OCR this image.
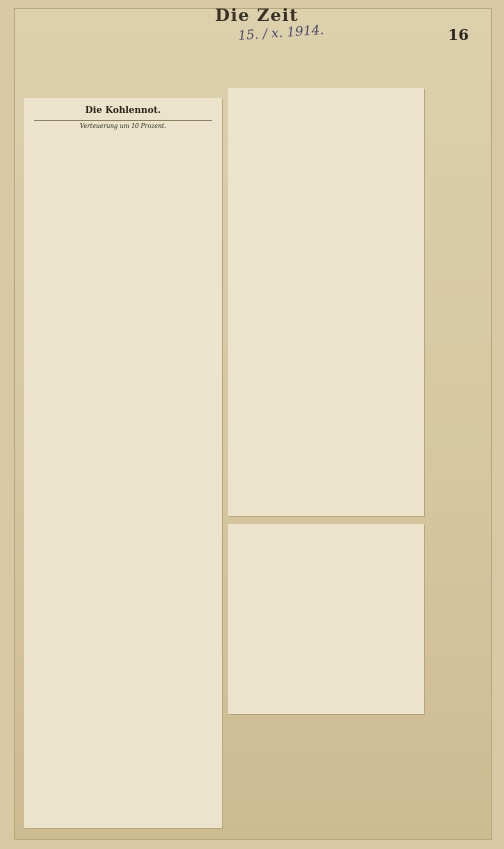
Die Zeit
15. / x. 1914.	16
Die Kohlennot.
Verteuerung um 10 Prozent.
